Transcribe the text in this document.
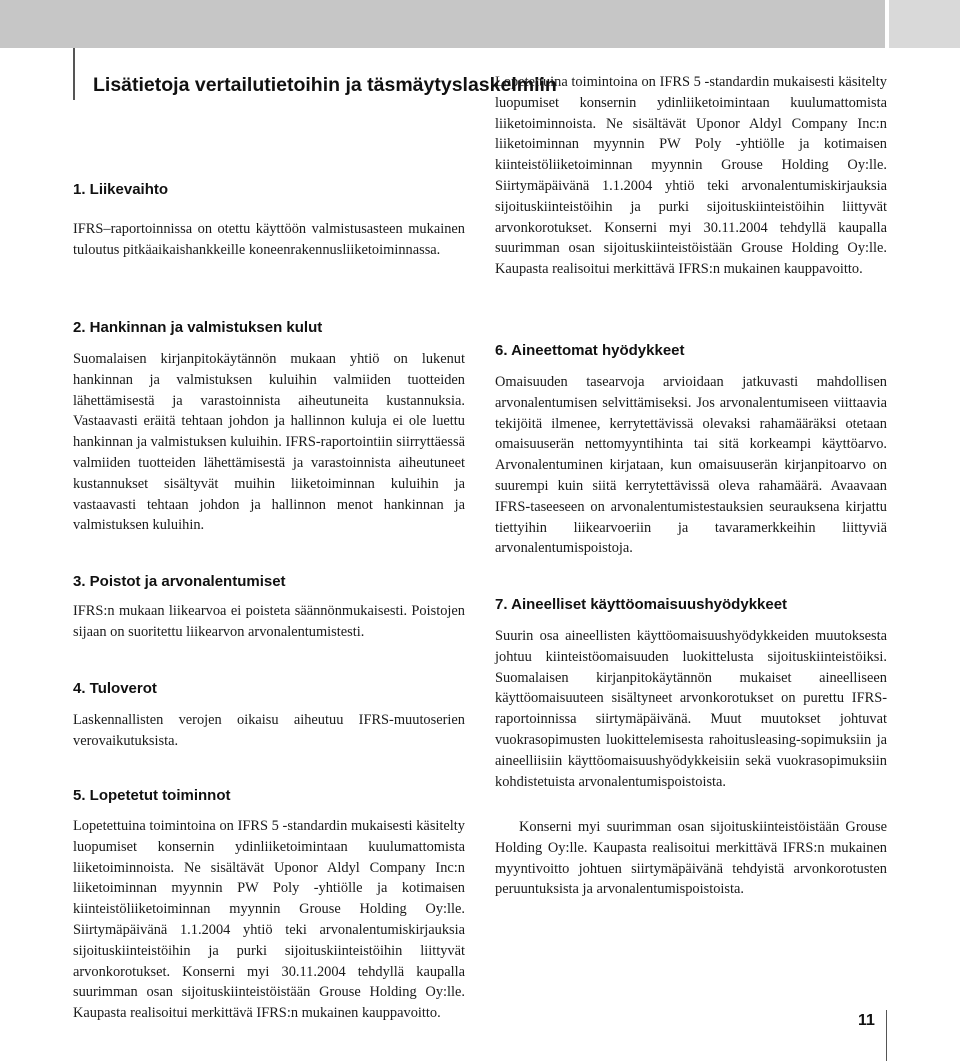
Lisätietoja vertailutietoihin ja täsmäytyslaskelmiin
1. Liikevaihto

IFRS–raportoinnissa on otettu käyttöön valmistusasteen mukainen tuloutus pitkäaikaishankkeille koneenrakennusliiketoiminnassa.

2. Hankinnan ja valmistuksen kulut

Suomalaisen kirjanpitokäytännön mukaan yhtiö on lukenut hankinnan ja valmistuksen kuluihin valmiiden tuotteiden lähettämisestä ja varastoinnista aiheutuneita kustannuksia. Vastaavasti eräitä tehtaan johdon ja hallinnon kuluja ei ole luettu hankinnan ja valmistuksen kuluihin. IFRS-raportointiin siirryttäessä valmiiden tuotteiden lähettämisestä ja varastoinnista aiheutuneet kustannukset sisältyvät muihin liiketoiminnan kuluihin ja vastaavasti tehtaan johdon ja hallinnon menot hankinnan ja valmistuksen kuluihin.

3. Poistot ja arvonalentumiset

IFRS:n mukaan liikearvoa ei poisteta säännönmukaisesti. Poistojen sijaan on suoritettu liikearvon arvonalentumistesti.

4. Tuloverot

Laskennallisten verojen oikaisu aiheutuu IFRS-muutoserien verovaikutuksista.

5. Lopetetut toiminnot

Lopetettuina toimintoina on IFRS 5 -standardin mukaisesti käsitelty luopumiset konsernin ydinliiketoimintaan kuulumattomista liiketoiminnoista. Ne sisältävät Uponor Aldyl Company Inc:n liiketoiminnan myynnin PW Poly -yhtiölle ja kotimaisen kiinteistöliiketoiminnan myynnin Grouse Holding Oy:lle. Siirtymäpäivänä 1.1.2004 yhtiö teki arvonalentumiskirjauksia sijoituskiinteistöihin ja purki sijoituskiinteistöihin liittyvät arvonkorotukset. Konserni myi 30.11.2004 tehdyllä kaupalla suurimman osan sijoituskiinteistöistään Grouse Holding Oy:lle. Kaupasta realisoitui merkittävä IFRS:n mukainen kauppavoitto.

Lopetettuina toimintoina on IFRS 5 -standardin mukaisesti käsitelty luopumiset konsernin ydinliiketoimintaan kuulumattomista liiketoiminnoista. Ne sisältävät Uponor Aldyl Company Inc:n liiketoiminnan myynnin PW Poly -yhtiölle ja kotimaisen kiinteistöliiketoiminnan myynnin Grouse Holding Oy:lle. Siirtymäpäivänä 1.1.2004 yhtiö teki arvonalentumiskirjauksia sijoituskiinteistöihin ja purki sijoituskiinteistöihin liittyvät arvonkorotukset. Konserni myi 30.11.2004 tehdyllä kaupalla suurimman osan sijoituskiinteistöistään Grouse Holding Oy:lle. Kaupasta realisoitui merkittävä IFRS:n mukainen kauppavoitto.

6. Aineettomat hyödykkeet

Omaisuuden tasearvoja arvioidaan jatkuvasti mahdollisen arvonalentumisen selvittämiseksi. Jos arvonalentumiseen viittaavia tekijöitä ilmenee, kerrytettävissä olevaksi rahamääräksi otetaan omaisuuserän nettomyyntihinta tai sitä korkeampi käyttöarvo. Arvonalentuminen kirjataan, kun omaisuuserän kirjanpitoarvo on suurempi kuin siitä kerrytettävissä oleva rahamäärä. Avaavaan IFRS-taseeseen on arvonalentumistestauksien seurauksena kirjattu tiettyihin liikearvoeriin ja tavaramerkkeihin liittyviä arvonalentumispoistoja.

7. Aineelliset käyttöomaisuushyödykkeet

Suurin osa aineellisten käyttöomaisuushyödykkeiden muutoksesta johtuu kiinteistöomaisuuden luokittelusta sijoituskiinteistöiksi. Suomalaisen kirjanpitokäytännön mukaiset aineelliseen käyttöomaisuuteen sisältyneet arvonkorotukset on purettu IFRS-raportoinnissa siirtymäpäivänä. Muut muutokset johtuvat vuokrasopimusten luokittelemisesta rahoitusleasing-sopimuksiin ja aineelliisiin käyttöomaisuushyödykkeisiin sekä vuokrasopimuksiin kohdistetuista arvonalentumispoistoista.

Konserni myi suurimman osan sijoituskiinteistöistään Grouse Holding Oy:lle. Kaupasta realisoitui merkittävä IFRS:n mukainen myyntivoitto johtuen siirtymäpäivänä tehdyistä arvonkorotusten peruuntuksista ja arvonalentumispoistoista.

11
